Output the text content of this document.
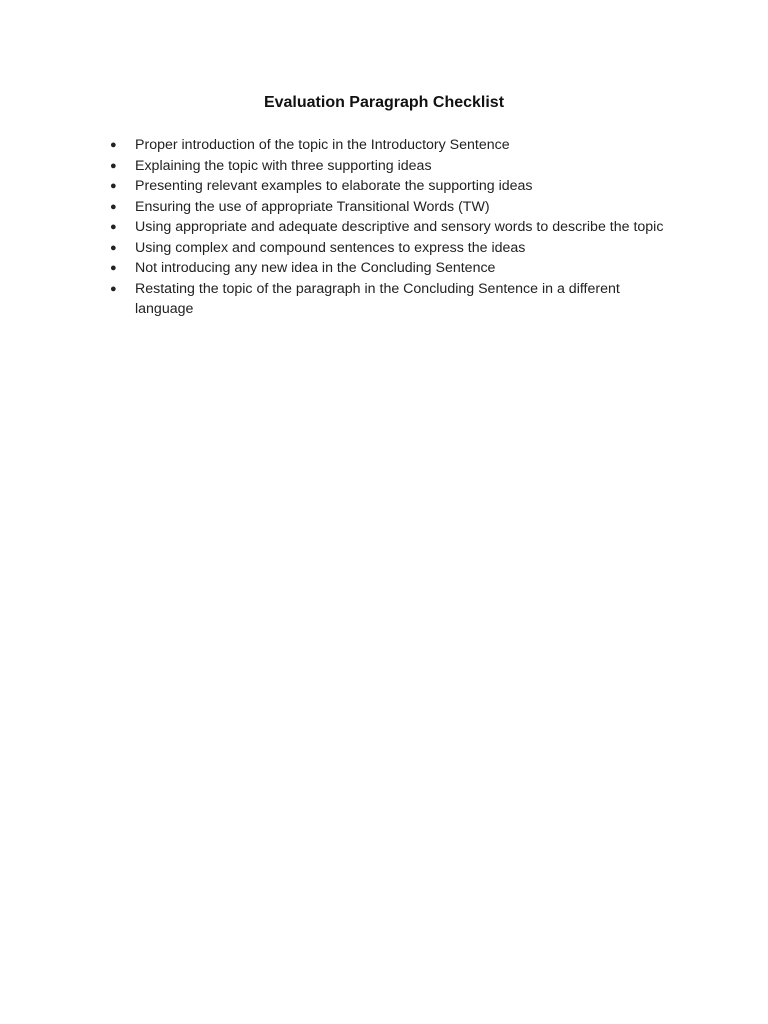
Evaluation Paragraph Checklist
●	Proper introduction of the topic in the Introductory Sentence
●	Explaining the topic with three supporting ideas
●	Presenting relevant examples to elaborate the supporting ideas
●	Ensuring the use of appropriate Transitional Words (TW)
●	Using appropriate and adequate descriptive and sensory words to describe the topic
●	Using complex and compound sentences to express the ideas
●	Not introducing any new idea in the Concluding Sentence
●	Restating the topic of the paragraph in the Concluding Sentence in a different language
